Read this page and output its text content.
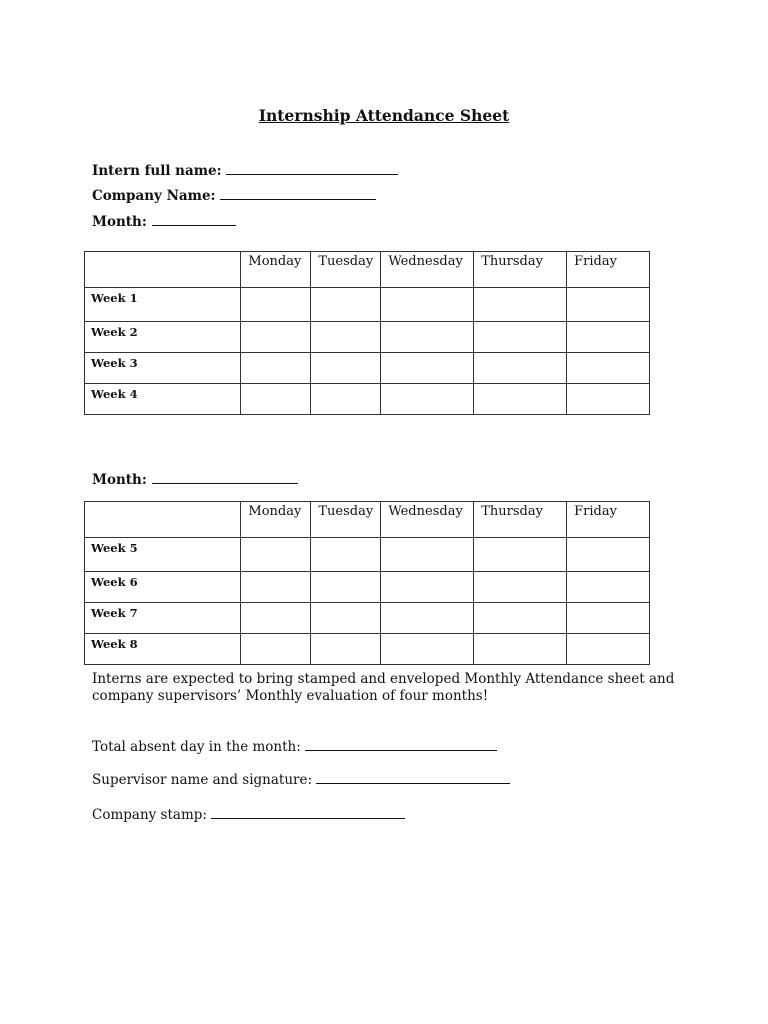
Internship Attendance Sheet
Intern full name:
Company Name:
Month:
	Monday	Tuesday	Wednesday	Thursday	Friday
Week 1					
Week 2					
Week 3					
Week 4					
Month:
	Monday	Tuesday	Wednesday	Thursday	Friday
Week 5					
Week 6					
Week 7					
Week 8					
Interns are expected to bring stamped and enveloped Monthly Attendance sheet and company supervisors’ Monthly evaluation of four months!
Total absent day in the month:
Supervisor name and signature:
Company stamp:
